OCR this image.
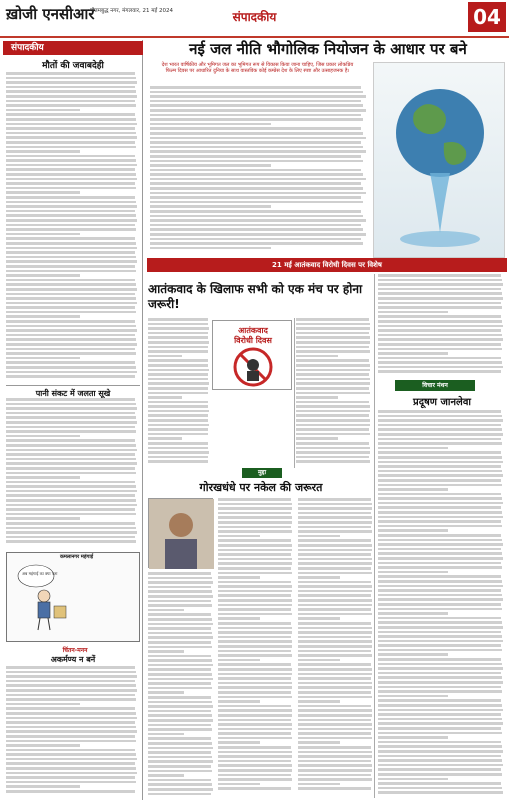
ख़ोजी एनसीआर
गौतमबुद्ध नगर, मंगलवार, 21 मई 2024	संपादकीय	04
संपादकीय
मौतों की जवाबदेही
पानी संकट में जलता सूखे
कमलानगर महंगाई
अब महंगाई का क्या पता
चिंतन-मनन
अकर्मण्य न बनें
नई जल नीति भौगोलिक नियोजन के आधार पर बने
देश भारत वार्षिकीय और भूमिगत जल का भूमिगत रूप से विकास किया जाना चाहिए, जिस प्रकार लोकप्रिय फिल्म दिवस पर आधारित दुनिया के साथ वास्तविक कोई कम्प्रेस देश के लिए स्पष्ट और उत्साहजनक है।
21 मई आतंकवाद विरोधी दिवस पर विशेष
आतंकवाद के खिलाफ सभी को एक मंच पर होना जरूरी!
आतंकवाद
विरोधी दिवस
विचार मंथन
प्रदूषण जानलेवा
मुद्दा
गोरखधंधे पर नकेल की जरूरत
